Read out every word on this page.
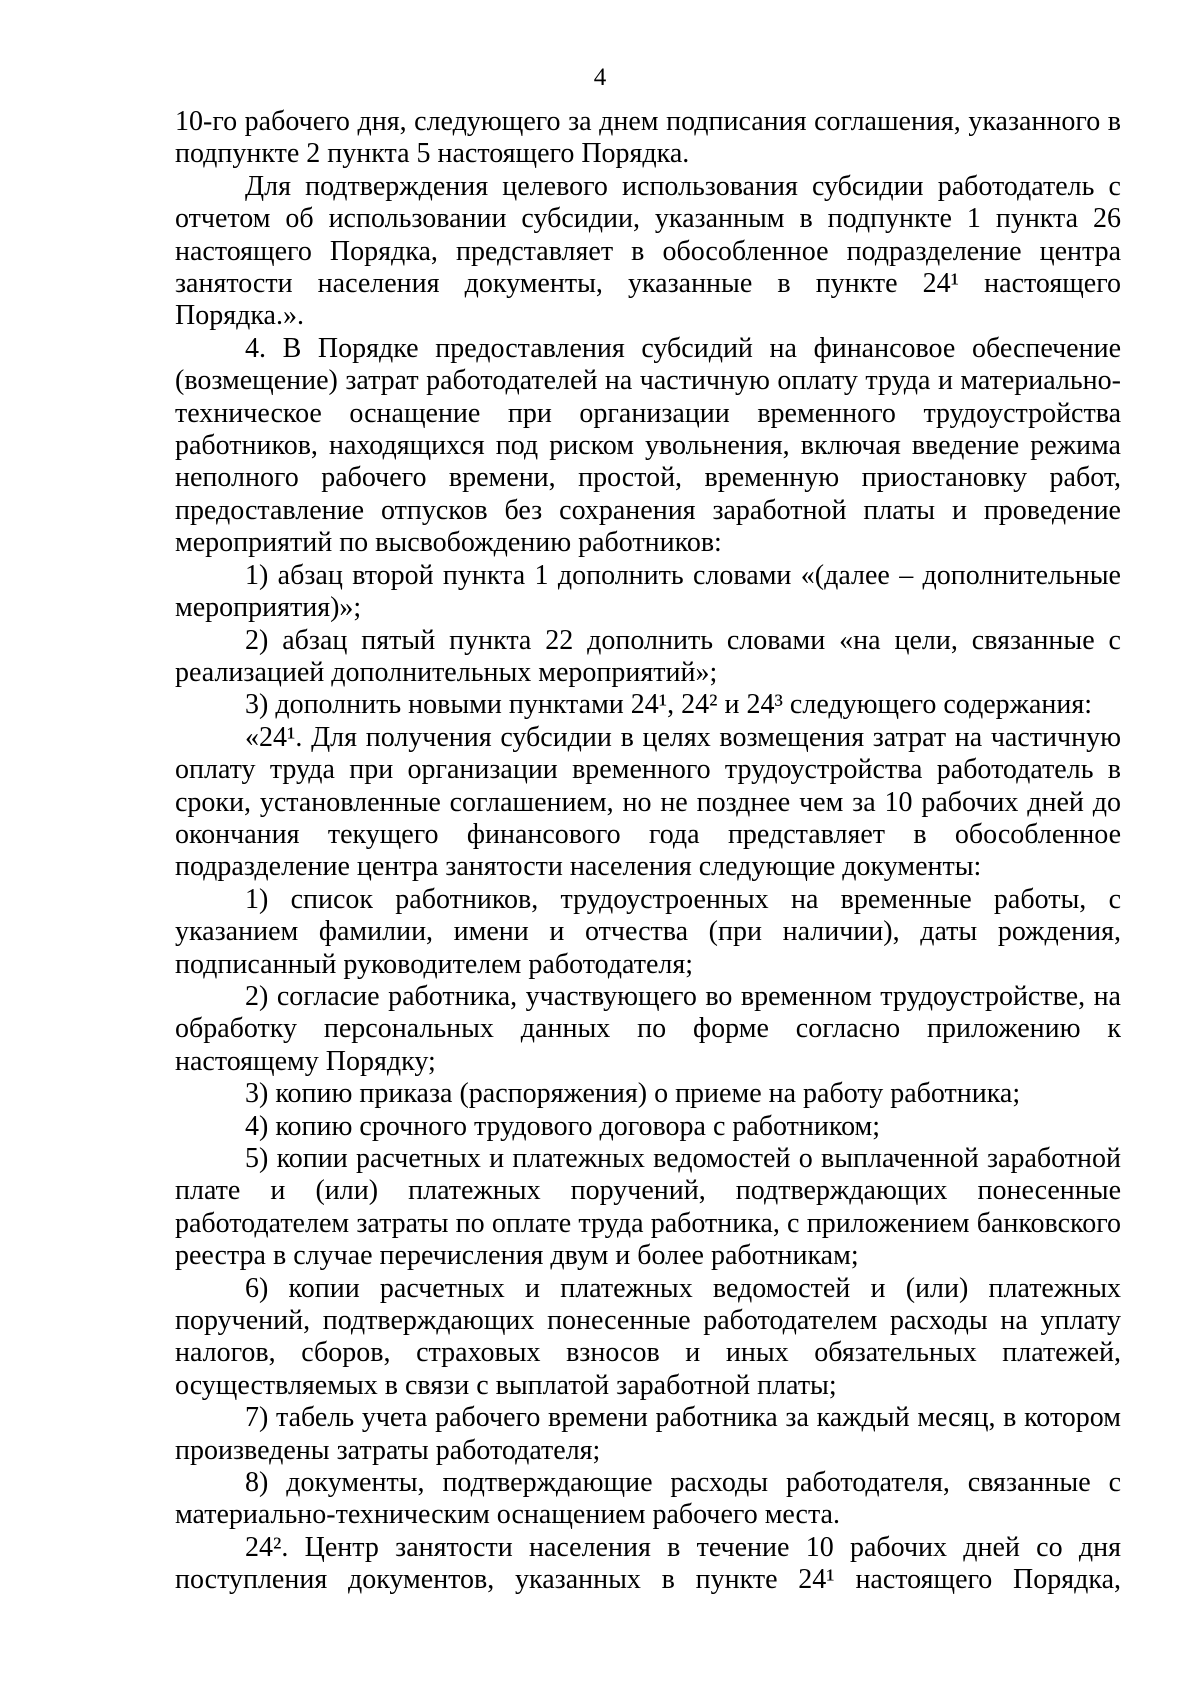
4

10-го рабочего дня, следующего за днем подписания соглашения, указанного в подпункте 2 пункта 5 настоящего Порядка.

Для подтверждения целевого использования субсидии работодатель с отчетом об использовании субсидии, указанным в подпункте 1 пункта 26 настоящего Порядка, представляет в обособленное подразделение центра занятости населения документы, указанные в пункте 24¹ настоящего Порядка.».

4. В Порядке предоставления субсидий на финансовое обеспечение (возмещение) затрат работодателей на частичную оплату труда и материально-техническое оснащение при организации временного трудоустройства работников, находящихся под риском увольнения, включая введение режима неполного рабочего времени, простой, временную приостановку работ, предоставление отпусков без сохранения заработной платы и проведение мероприятий по высвобождению работников:

1) абзац второй пункта 1 дополнить словами «(далее – дополнительные мероприятия)»;

2) абзац пятый пункта 22 дополнить словами «на цели, связанные с реализацией дополнительных мероприятий»;

3) дополнить новыми пунктами 24¹, 24² и 24³ следующего содержания:

«24¹. Для получения субсидии в целях возмещения затрат на частичную оплату труда при организации временного трудоустройства работодатель в сроки, установленные соглашением, но не позднее чем за 10 рабочих дней до окончания текущего финансового года представляет в обособленное подразделение центра занятости населения следующие документы:

1) список работников, трудоустроенных на временные работы, с указанием фамилии, имени и отчества (при наличии), даты рождения, подписанный руководителем работодателя;

2) согласие работника, участвующего во временном трудоустройстве, на обработку персональных данных по форме согласно приложению к настоящему Порядку;

3) копию приказа (распоряжения) о приеме на работу работника;

4) копию срочного трудового договора с работником;

5) копии расчетных и платежных ведомостей о выплаченной заработной плате и (или) платежных поручений, подтверждающих понесенные работодателем затраты по оплате труда работника, с приложением банковского реестра в случае перечисления двум и более работникам;

6) копии расчетных и платежных ведомостей и (или) платежных поручений, подтверждающих понесенные работодателем расходы на уплату налогов, сборов, страховых взносов и иных обязательных платежей, осуществляемых в связи с выплатой заработной платы;

7) табель учета рабочего времени работника за каждый месяц, в котором произведены затраты работодателя;

8) документы, подтверждающие расходы работодателя, связанные с материально-техническим оснащением рабочего места.

24². Центр занятости населения в течение 10 рабочих дней со дня поступления документов, указанных в пункте 24¹ настоящего Порядка,
